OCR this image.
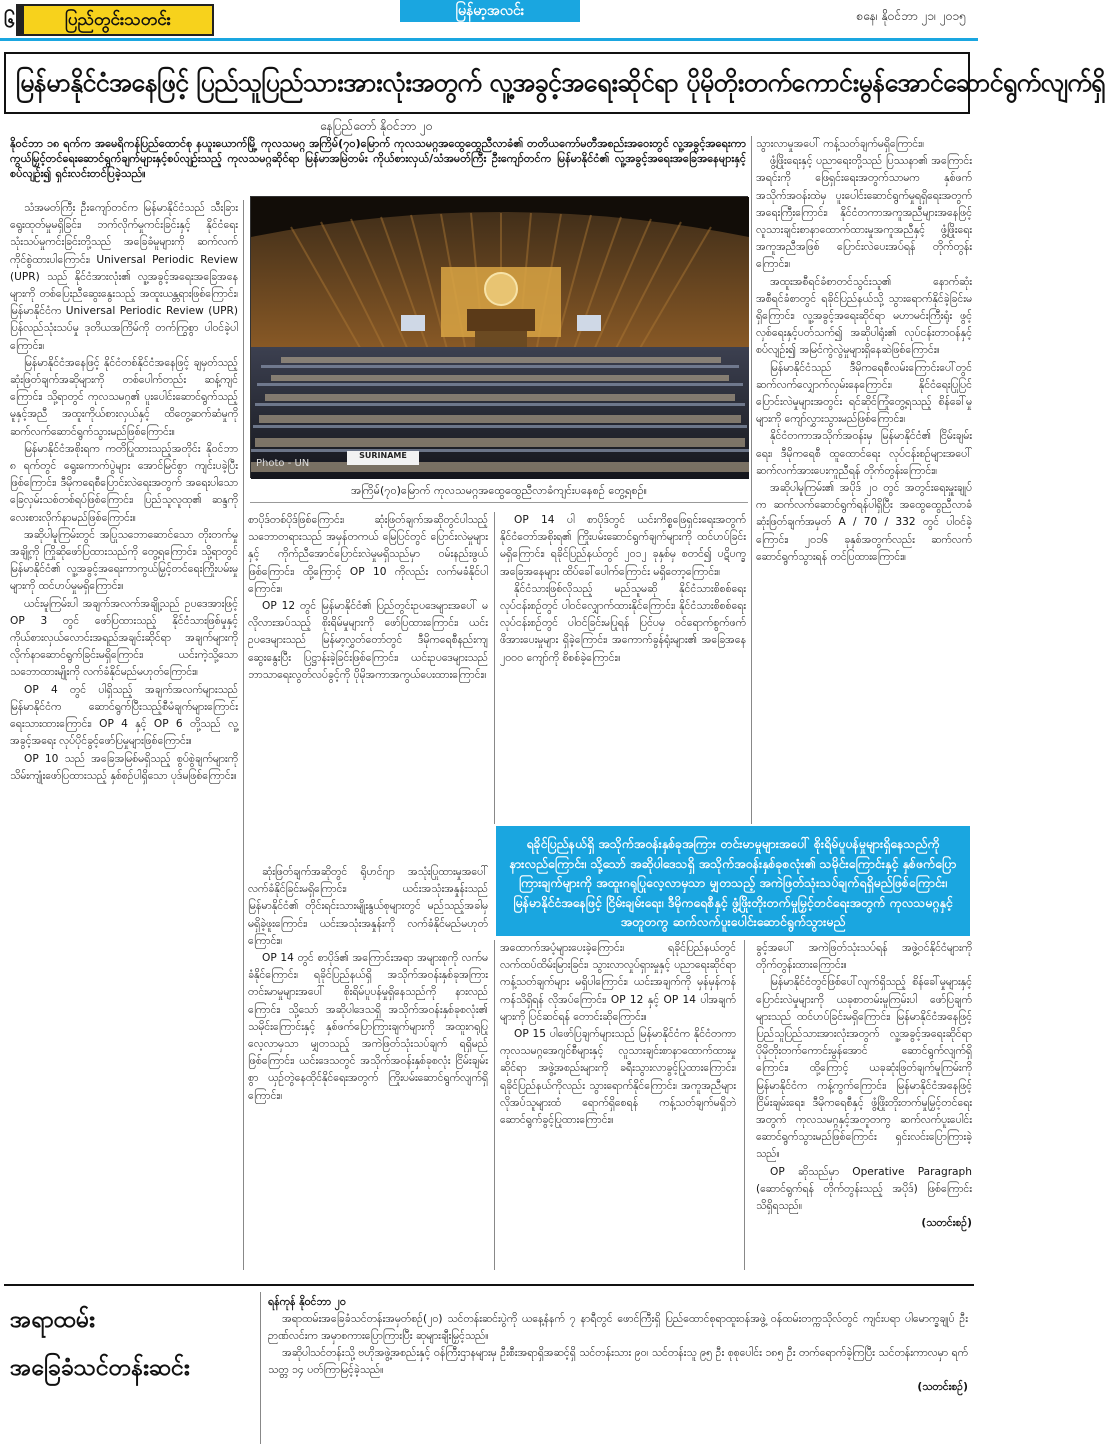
၆	ပြည်တွင်းသတင်း	မြန်မာ့အလင်း	စနေ၊ နိုဝင်ဘာ ၂၁၊ ၂၀၁၅
မြန်မာနိုင်ငံအနေဖြင့် ပြည်သူပြည်သားအားလုံးအတွက် လူ့အခွင့်အရေးဆိုင်ရာ ပိုမိုတိုးတက်ကောင်းမွန်အောင်ဆောင်ရွက်လျက်ရှိ
နေပြည်တော် နိုဝင်ဘာ ၂၀
နိုဝင်ဘာ ၁၈ ရက်က အမေရိကန်ပြည်ထောင်စု နယူးယောက်မြို့ ကုလသမဂ္ဂ အကြိမ်(၇၀)မြောက် ကုလသမဂ္ဂအထွေထွေညီလာခံ၏ တတိယကော်မတီအစည်းအဝေးတွင် လူ့အခွင့်အရေးကာကွယ်မြှင့်တင်ရေးဆောင်ရွက်ချက်များနှင့်စပ်လျဉ်းသည့် ကုလသမဂ္ဂဆိုင်ရာ မြန်မာအမြဲတမ်း ကိုယ်စားလှယ်/သံအမတ်ကြီး ဦးကျော်တင်က မြန်မာနိုင်ငံ၏ လူ့အခွင့်အရေးအခြေအနေများနှင့်စပ်လျဉ်း၍ ရှင်းလင်းတင်ပြခဲ့သည်။
Photo - UN
SURINAME
အကြိမ်(၇၀)မြောက် ကုလသမဂ္ဂအထွေထွေညီလာခံကျင်းပနေစဉ် တွေ့ရစဉ်။

သံအမတ်ကြီး ဦးကျော်တင်က မြန်မာနိုင်ငံသည် သီးခြားရွေးထုတ်မှုမရှိခြင်း၊ ဘက်လိုက်မှုကင်းခြင်းနှင့် နိုင်ငံရေးသုံးသပ်မှုကင်းခြင်းတို့သည် အခြေခံမူများကို ဆက်လက်ကိုင်စွဲထားပါကြောင်း၊ Universal Periodic Review (UPR) သည် နိုင်ငံအားလုံး၏ လူ့အခွင့်အရေးအခြေအနေများကို တစ်ပြေးညီဆွေးနွေးသည့် အထူးယန္တရားဖြစ်ကြောင်း၊ မြန်မာနိုင်ငံက Universal Periodic Review (UPR) ပြန်လည်သုံးသပ်မှု ဒုတိယအကြိမ်ကို တက်ကြွစွာ ပါဝင်ခဲ့ပါကြောင်း။

မြန်မာနိုင်ငံအနေဖြင့် နိုင်ငံတစ်နိုင်ငံအနေဖြင့် ချမှတ်သည့် ဆုံးဖြတ်ချက်အဆိုများကို တစ်ပေါက်တည်း ဆန့်ကျင်ကြောင်း၊ သို့ရာတွင် ကုလသမဂ္ဂ၏ ပူးပေါင်းဆောင်ရွက်သည့်မူနှင့်အညီ အထူးကိုယ်စားလှယ်နှင့် ထိတွေ့ဆက်ဆံမှုကို ဆက်လက်ဆောင်ရွက်သွားမည်ဖြစ်ကြောင်း။

မြန်မာနိုင်ငံအစိုးရက ကတိပြုထားသည့်အတိုင်း နိုဝင်ဘာ ၈ ရက်တွင် ရွေးကောက်ပွဲများ အောင်မြင်စွာ ကျင်းပခဲ့ပြီးဖြစ်ကြောင်း၊ ဒီမိုကရေစီပြောင်းလဲရေးအတွက် အရေးပါသော ခြေလှမ်းသစ်တစ်ရပ်ဖြစ်ကြောင်း၊ ပြည်သူလူထု၏ ဆန္ဒကို လေးစားလိုက်နာမည်ဖြစ်ကြောင်း။

အဆိုပါမူကြမ်းတွင် အပြုသဘောဆောင်သော တိုးတက်မှုအချို့ကို ကြိုဆိုဖော်ပြထားသည်ကို တွေ့ရကြောင်း၊ သို့ရာတွင် မြန်မာနိုင်ငံ၏ လူ့အခွင့်အရေးကာကွယ်မြှင့်တင်ရေးကြိုးပမ်းမှုများကို ထင်ဟပ်မှုမရှိကြောင်း။

ယင်းမူကြမ်းပါ အချက်အလက်အချို့သည် ဥပဒေအားဖြင့် OP 3 တွင် ဖော်ပြထားသည့် နိုင်ငံသားဖြစ်မှုနှင့် ကိုယ်စားလှယ်လောင်းအရည်အချင်းဆိုင်ရာ အချက်များကို လိုက်နာဆောင်ရွက်ခြင်းမရှိကြောင်း၊ ယင်းကဲ့သို့သော သဘောထားမျိုးကို လက်ခံနိုင်မည်မဟုတ်ကြောင်း။

OP 4 တွင် ပါရှိသည့် အချက်အလက်များသည် မြန်မာနိုင်ငံက ဆောင်ရွက်ပြီးသည့်စီမံချက်များကြောင်း ရေးသားထားကြောင်း၊ OP 4 နှင့် OP 6 တို့သည် လူ့အခွင့်အရေး လုပ်ပိုင်ခွင့်ဖော်ပြမှုများဖြစ်ကြောင်း။

OP 10 သည် အခြေအမြစ်မရှိသည့် စွပ်စွဲချက်များကို သိမ်းကျုံးဖော်ပြထားသည့် နှစ်စဉ်ပါရှိသော ပုဒ်မဖြစ်ကြောင်း။

သွားလာမှုအပေါ် ကန့်သတ်ချက်မရှိကြောင်း။

ဖွံ့ဖြိုးရေးနှင့် ပညာရေးတို့သည် ပြဿနာ၏ အကြောင်းအရင်းကို ဖြေရှင်းရေးအတွက်သာမက နှစ်ဖက်အသိုက်အဝန်းထဲမှ ပူးပေါင်းဆောင်ရွက်မှုရရှိရေးအတွက် အရေးကြီးကြောင်း၊ နိုင်ငံတကာအကူအညီများအနေဖြင့် လူသားချင်းစာနာထောက်ထားမှုအကူအညီနှင့် ဖွံ့ဖြိုးရေးအကူအညီအဖြစ် ပြောင်းလဲပေးအပ်ရန် တိုက်တွန်းကြောင်း။

အထူးအစီရင်ခံစာတင်သွင်းသူ၏ နောက်ဆုံးအစီရင်ခံစာတွင် ရခိုင်ပြည်နယ်သို့ သွားရောက်နိုင်ခဲ့ခြင်းမရှိကြောင်း၊ လူ့အခွင့်အရေးဆိုင်ရာ မဟာမင်းကြီးရုံး ဖွင့်လှစ်ရေးနှင့်ပတ်သက်၍ အဆိုပါရုံး၏ လုပ်ငန်းတာဝန်နှင့်စပ်လျဉ်း၍ အမြင်ကွဲလွဲမှုများရှိနေဆဲဖြစ်ကြောင်း။

မြန်မာနိုင်ငံသည် ဒီမိုကရေစီလမ်းကြောင်းပေါ်တွင် ဆက်လက်လျှောက်လှမ်းနေကြောင်း၊ နိုင်ငံရေးပြုပြင်ပြောင်းလဲမှုများအတွင်း ရင်ဆိုင်ကြုံတွေ့ရသည့် စိန်ခေါ်မှုများကို ကျော်လွှားသွားမည်ဖြစ်ကြောင်း။

နိုင်ငံတကာအသိုက်အဝန်းမှ မြန်မာနိုင်ငံ၏ ငြိမ်းချမ်းရေး၊ ဒီမိုကရေစီ ထူထောင်ရေး လုပ်ငန်းစဉ်များအပေါ် ဆက်လက်အားပေးကူညီရန် တိုက်တွန်းကြောင်း။

အဆိုပါမူကြမ်း၏ အပိုဒ် ၂၀ တွင် အတွင်းရေးမှူးချုပ်က ဆက်လက်ဆောင်ရွက်ရန်ပါရှိပြီး အထွေထွေညီလာခံ ဆုံးဖြတ်ချက်အမှတ် A / 70 / 332 တွင် ပါဝင်ခဲ့ကြောင်း၊ ၂၀၁၆ ခုနှစ်အတွက်လည်း ဆက်လက်ဆောင်ရွက်သွားရန် တင်ပြထားကြောင်း။

စာပိုဒ်တစ်ပိုဒ်ဖြစ်ကြောင်း၊ ဆုံးဖြတ်ချက်အဆိုတွင်ပါသည့် သဘောတရားသည် အမှန်တကယ် မြေပြင်တွင် ပြောင်းလဲမှုများနှင့် ကိုက်ညီအောင်ပြောင်းလဲမှုမရှိသည်မှာ ဝမ်းနည်းဖွယ်ဖြစ်ကြောင်း၊ ထို့ကြောင့် OP 10 ကိုလည်း လက်မခံနိုင်ပါကြောင်း။

OP 12 တွင် မြန်မာနိုင်ငံ၏ ပြည်တွင်းဥပဒေများအပေါ် မလိုလားအပ်သည့် စိုးရိမ်မှုများကို ဖော်ပြထားကြောင်း၊ ယင်းဥပဒေများသည် မြန်မာ့လွှတ်တော်တွင် ဒီမိုကရေစီနည်းကျ ဆွေးနွေးပြီး ပြဋ္ဌာန်းခဲ့ခြင်းဖြစ်ကြောင်း၊ ယင်းဥပဒေများသည် ဘာသာရေးလွတ်လပ်ခွင့်ကို ပိုမိုအကာအကွယ်ပေးထားကြောင်း။

OP 14 ပါ စာပိုဒ်တွင် ယင်းကိစ္စဖြေရှင်းရေးအတွက် နိုင်ငံတော်အစိုးရ၏ ကြိုးပမ်းဆောင်ရွက်ချက်များကို ထင်ဟပ်ခြင်းမရှိကြောင်း၊ ရခိုင်ပြည်နယ်တွင် ၂၀၁၂ ခုနှစ်မှ စတင်၍ ပဋိပက္ခအခြေအနေများ ထိပ်ခေါ်ပေါက်ကြောင်း မရှိတော့ကြောင်း။

နိုင်ငံသားဖြစ်လိုသည့် မည်သူမဆို နိုင်ငံသားစိစစ်ရေးလုပ်ငန်းစဉ်တွင် ပါဝင်လျှောက်ထားနိုင်ကြောင်း၊ နိုင်ငံသားစိစစ်ရေးလုပ်ငန်းစဉ်တွင် ပါဝင်ခြင်းမပြုရန် ပြင်ပမှ ဝင်ရောက်စွက်ဖက်ဖိအားပေးမှုများ ရှိခဲ့ကြောင်း၊ အကောက်ခွန်ရုံးများ၏ အခြေအနေ ၂၀၀၀ ကျော်ကို စိစစ်ခဲ့ကြောင်း။

ရခိုင်ပြည်နယ်ရှိ အသိုက်အဝန်းနှစ်ခုအကြား တင်းမာမှုများအပေါ် စိုးရိမ်ပူပန်မှုများရှိနေသည်ကို နားလည်ကြောင်း၊ သို့သော် အဆိုပါဒေသရှိ အသိုက်အဝန်းနှစ်ခုစလုံး၏ သမိုင်းကြောင်းနှင့် နှစ်ဖက်ပြောကြားချက်များကို အထူးဂရုပြုလေ့လာမှသာ မျှတသည့် အကဲဖြတ်သုံးသပ်ချက်ရရှိမည်ဖြစ်ကြောင်း၊ မြန်မာနိုင်ငံအနေဖြင့် ငြိမ်းချမ်းရေး၊ ဒီမိုကရေစီနှင့် ဖွံ့ဖြိုးတိုးတက်မှုမြှင့်တင်ရေးအတွက် ကုလသမဂ္ဂနှင့်အတူတကွ ဆက်လက်ပူးပေါင်းဆောင်ရွက်သွားမည်

ဆုံးဖြတ်ချက်အဆိုတွင် ရိုဟင်ဂျာ အသုံးပြုထားမှုအပေါ် လက်ခံနိုင်ခြင်းမရှိကြောင်း၊ ယင်းအသုံးအနှုန်းသည် မြန်မာနိုင်ငံ၏ တိုင်းရင်းသားမျိုးနွယ်စုများတွင် မည်သည့်အခါမှ မရှိခဲ့ဖူးကြောင်း၊ ယင်းအသုံးအနှုန်းကို လက်ခံနိုင်မည်မဟုတ်ကြောင်း။

OP 14 တွင် စာပိုဒ်၏ အကြောင်းအရာ အများစုကို လက်မခံနိုင်ကြောင်း၊ ရခိုင်ပြည်နယ်ရှိ အသိုက်အဝန်းနှစ်ခုအကြား တင်းမာမှုများအပေါ် စိုးရိမ်ပူပန်မှုရှိနေသည်ကို နားလည်ကြောင်း၊ သို့သော် အဆိုပါဒေသရှိ အသိုက်အဝန်းနှစ်ခုစလုံး၏ သမိုင်းကြောင်းနှင့် နှစ်ဖက်ပြောကြားချက်များကို အထူးဂရုပြုလေ့လာမှသာ မျှတသည့် အကဲဖြတ်သုံးသပ်ချက် ရရှိမည်ဖြစ်ကြောင်း၊ ယင်းဒေသတွင် အသိုက်အဝန်းနှစ်ခုစလုံး ငြိမ်းချမ်းစွာ ယှဉ်တွဲနေထိုင်နိုင်ရေးအတွက် ကြိုးပမ်းဆောင်ရွက်လျက်ရှိကြောင်း။

အထောက်အပံ့များပေးခဲ့ကြောင်း၊ ရခိုင်ပြည်နယ်တွင် လက်ထပ်ထိမ်းမြားခြင်း၊ သွားလာလှုပ်ရှားမှုနှင့် ပညာရေးဆိုင်ရာ ကန့်သတ်ချက်များ မရှိပါကြောင်း၊ ယင်းအချက်ကို မှန်မှန်ကန်ကန်သိရှိရန် လိုအပ်ကြောင်း၊ OP 12 နှင့် OP 14 ပါအချက်များကို ပြင်ဆင်ရန် တောင်းဆိုကြောင်း။

OP 15 ပါဖော်ပြချက်များသည် မြန်မာနိုင်ငံက နိုင်ငံတကာကုလသမဂ္ဂအေဂျင်စီများနှင့် လူသားချင်းစာနာထောက်ထားမှုဆိုင်ရာ အဖွဲ့အစည်းများကို ခရီးသွားလာခွင့်ပြုထားကြောင်း၊ ရခိုင်ပြည်နယ်ကိုလည်း သွားရောက်နိုင်ကြောင်း၊ အကူအညီများ လိုအပ်သူများထံ ရောက်ရှိစေရန် ကန့်သတ်ချက်မရှိဘဲ ဆောင်ရွက်ခွင့်ပြုထားကြောင်း။

ခွင့်အပေါ် အကဲဖြတ်သုံးသပ်ရန် အဖွဲ့ဝင်နိုင်ငံများကို တိုက်တွန်းထားကြောင်း။

မြန်မာနိုင်ငံတွင်ဖြစ်ပေါ်လျက်ရှိသည့် စိန်ခေါ်မှုများနှင့် ပြောင်းလဲမှုများကို ယခုစာတမ်းမူကြမ်းပါ ဖော်ပြချက်များသည် ထင်ဟပ်ခြင်းမရှိကြောင်း၊ မြန်မာနိုင်ငံအနေဖြင့် ပြည်သူပြည်သားအားလုံးအတွက် လူ့အခွင့်အရေးဆိုင်ရာ ပိုမိုတိုးတက်ကောင်းမွန်အောင် ဆောင်ရွက်လျက်ရှိကြောင်း၊ ထို့ကြောင့် ယခုဆုံးဖြတ်ချက်မူကြမ်းကို မြန်မာနိုင်ငံက ကန့်ကွက်ကြောင်း၊ မြန်မာနိုင်ငံအနေဖြင့် ငြိမ်းချမ်းရေး၊ ဒီမိုကရေစီနှင့် ဖွံ့ဖြိုးတိုးတက်မှုမြှင့်တင်ရေးအတွက် ကုလသမဂ္ဂနှင့်အတူတကွ ဆက်လက်ပူးပေါင်းဆောင်ရွက်သွားမည်ဖြစ်ကြောင်း ရှင်းလင်းပြောကြားခဲ့သည်။

OP ဆိုသည်မှာ Operative Paragraph (ဆောင်ရွက်ရန် တိုက်တွန်းသည့် အပိုဒ်) ဖြစ်ကြောင်း သိရှိရသည်။

(သတင်းစဉ်)
အရာထမ်း
အခြေခံသင်တန်းဆင်း

ရန်ကုန် နိုဝင်ဘာ ၂၀

အရာထမ်းအခြေခံသင်တန်းအမှတ်စဉ်(၂၀) သင်တန်းဆင်းပွဲကို ယနေ့နံနက် ၇ နာရီတွင် ဖောင်ကြီးရှိ ပြည်ထောင်စုရာထူးဝန်အဖွဲ့ ဝန်ထမ်းတက္ကသိုလ်တွင် ကျင်းပရာ ပါမောက္ခချုပ် ဦးဉာဏ်လင်းက အမှာစကားပြောကြားပြီး ဆုများချီးမြှင့်သည်။

အဆိုပါသင်တန်းသို့ ဗဟိုအဖွဲ့အစည်းနှင့် ဝန်ကြီးဌာနများမှ ဦးစီးအရာရှိအဆင့်ရှိ သင်တန်းသား ၉၀၊ သင်တန်းသူ ၉၅ ဦး စုစုပေါင်း ၁၈၅ ဦး တက်ရောက်ခဲ့ကြပြီး သင်တန်းကာလမှာ ရက်သတ္တ ၁၄ ပတ်ကြာမြင့်ခဲ့သည်။

(သတင်းစဉ်)
